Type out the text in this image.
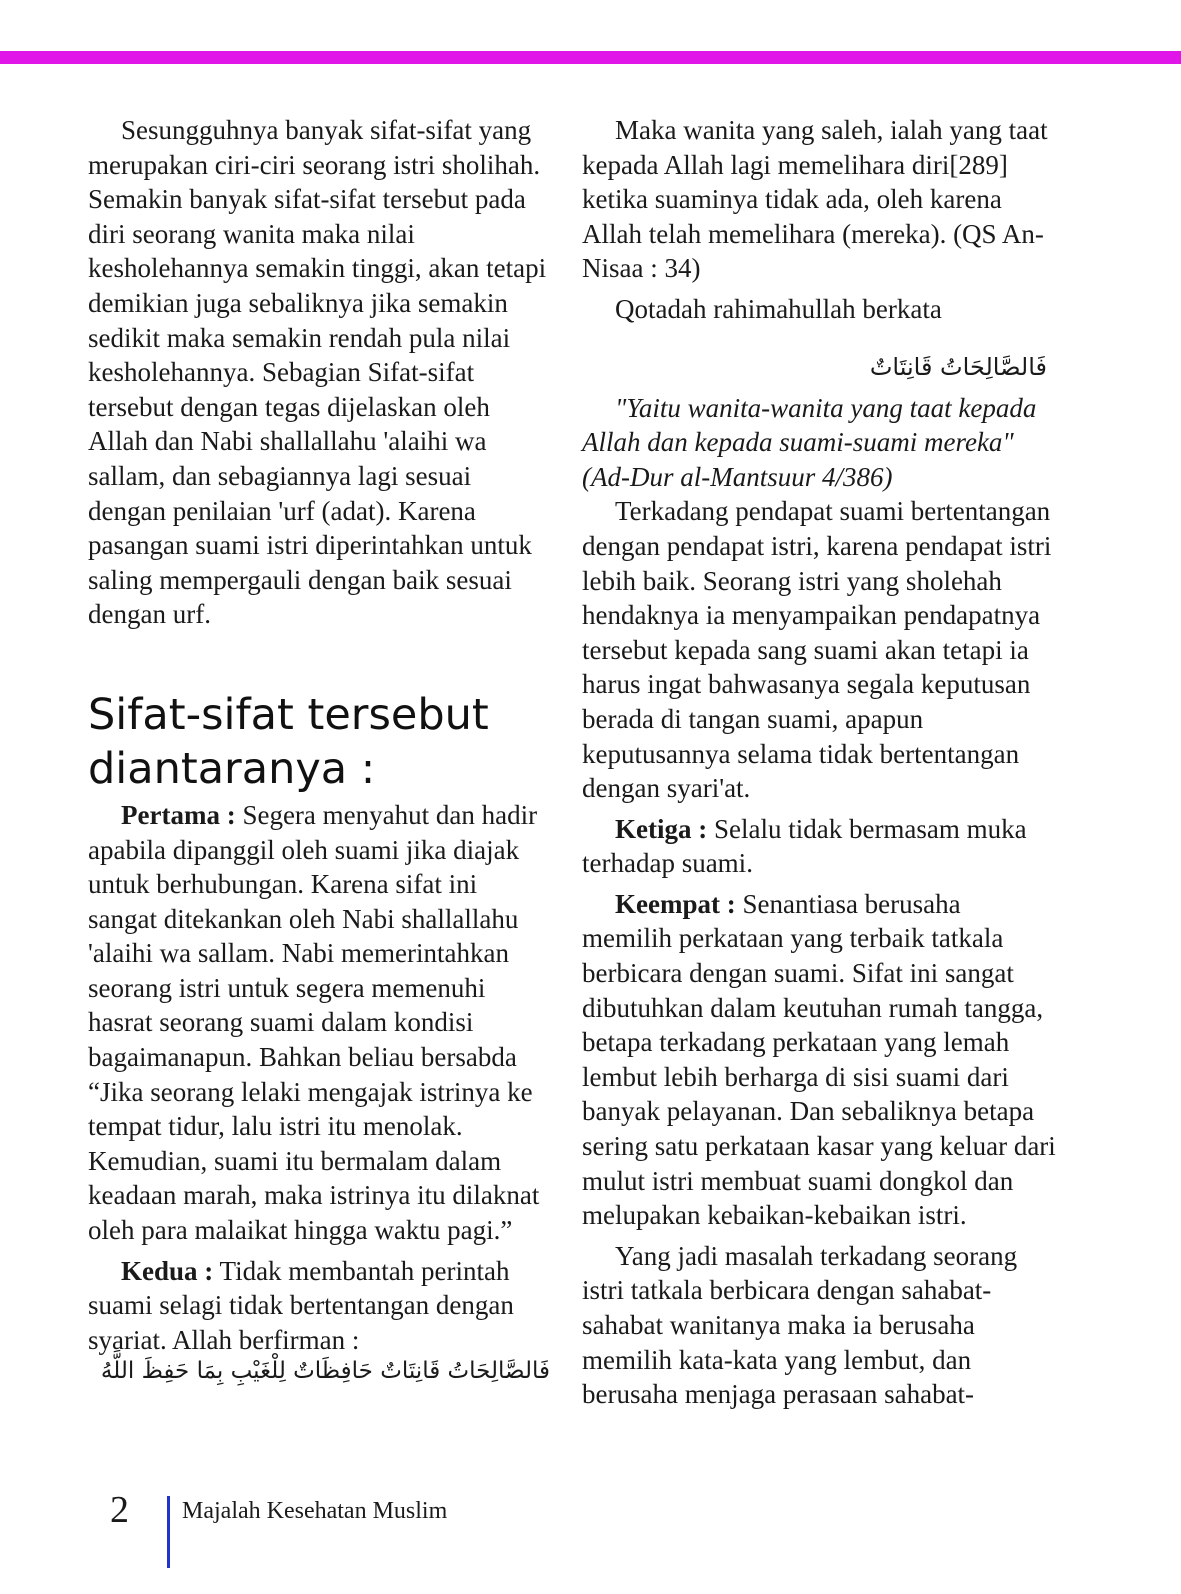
Sesungguhnya banyak sifat-sifat yang merupakan ciri-ciri seorang istri sholihah. Semakin banyak sifat-sifat tersebut pada diri seorang wanita maka nilai kesholehannya semakin tinggi, akan tetapi demikian juga sebaliknya jika semakin sedikit maka semakin rendah pula nilai kesholehannya. Sebagian Sifat-sifat tersebut dengan tegas dijelaskan oleh Allah dan Nabi shallallahu 'alaihi wa sallam, dan sebagiannya lagi sesuai dengan penilaian 'urf (adat). Karena pasangan suami istri diperintahkan untuk saling mempergauli dengan baik sesuai dengan urf.

Sifat-sifat tersebut
diantaranya :

Pertama : Segera menyahut dan hadir apabila dipanggil oleh suami jika diajak untuk berhubungan. Karena sifat ini sangat ditekankan oleh Nabi shallallahu 'alaihi wa sallam. Nabi memerintahkan seorang istri untuk segera memenuhi hasrat seorang suami dalam kondisi bagaimanapun. Bahkan beliau bersabda “Jika seorang lelaki mengajak istrinya ke tempat tidur, lalu istri itu menolak. Kemudian, suami itu bermalam dalam keadaan marah, maka istrinya itu dilaknat oleh para malaikat hingga waktu pagi.”

Kedua : Tidak membantah perintah suami selagi tidak bertentangan dengan syariat. Allah berfirman :

فَالصَّالِحَاتُ قَانِتَاتٌ حَافِظَاتٌ لِلْغَيْبِ بِمَا حَفِظَ اللَّهُ

Maka wanita yang saleh, ialah yang taat kepada Allah lagi memelihara diri[289] ketika suaminya tidak ada, oleh karena Allah telah memelihara (mereka). (QS An-Nisaa : 34)

Qotadah rahimahullah berkata

فَالصَّالِحَاتُ قَانِتَاتٌ

"Yaitu wanita-wanita yang taat kepada Allah dan kepada suami-suami mereka" (Ad-Dur al-Mantsuur 4/386)

Terkadang pendapat suami bertentangan dengan pendapat istri, karena pendapat istri lebih baik. Seorang istri yang sholehah hendaknya ia menyampaikan pendapatnya tersebut kepada sang suami akan tetapi ia harus ingat bahwasanya segala keputusan berada di tangan suami, apapun keputusannya selama tidak bertentangan dengan syari'at.

Ketiga : Selalu tidak bermasam muka terhadap suami.

Keempat : Senantiasa berusaha memilih perkataan yang terbaik tatkala berbicara dengan suami. Sifat ini sangat dibutuhkan dalam keutuhan rumah tangga, betapa terkadang perkataan yang lemah lembut lebih berharga di sisi suami dari banyak pelayanan. Dan sebaliknya betapa sering satu perkataan kasar yang keluar dari mulut istri membuat suami dongkol dan melupakan kebaikan-kebaikan istri.

Yang jadi masalah terkadang seorang istri tatkala berbicara dengan sahabat-sahabat wanitanya maka ia berusaha memilih kata-kata yang lembut, dan berusaha menjaga perasaan sahabat-

2 Majalah Kesehatan Muslim
